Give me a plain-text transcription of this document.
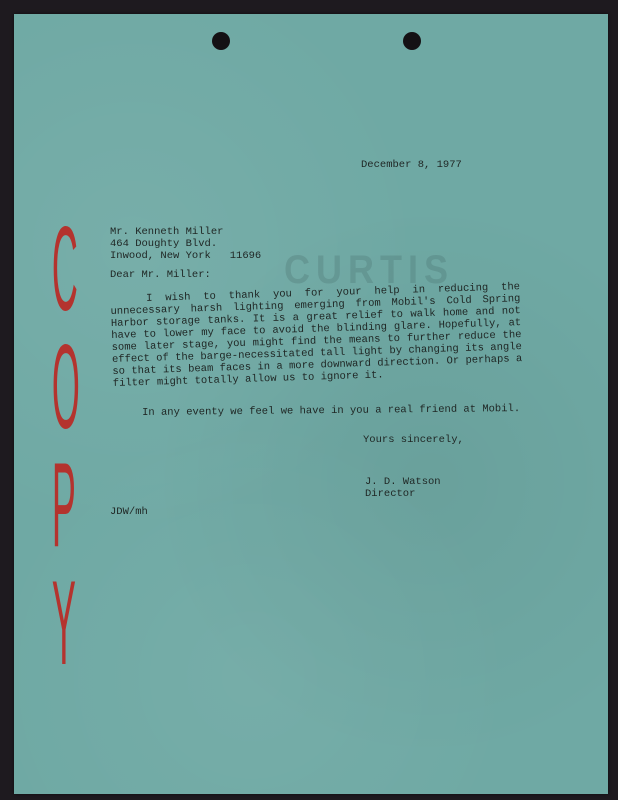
C
O
P
Y
CURTIS
December 8, 1977
Mr. Kenneth Miller
464 Doughty Blvd.
Inwood, New York   11696
Dear Mr. Miller:
I wish to thank you for your help in reducing the unnecessary harsh lighting emerging from Mobil's Cold Spring Harbor storage tanks. It is a great relief to walk home and not have to lower my face to avoid the blinding glare. Hopefully, at some later stage, you might find the means to further reduce the effect of the barge-necessitated tall light by changing its angle so that its beam faces in a more downward direction. Or perhaps a filter might totally allow us to ignore it.
In any eventy we feel we have in you a real friend at Mobil.
Yours sincerely,
J. D. Watson
Director
JDW/mh
